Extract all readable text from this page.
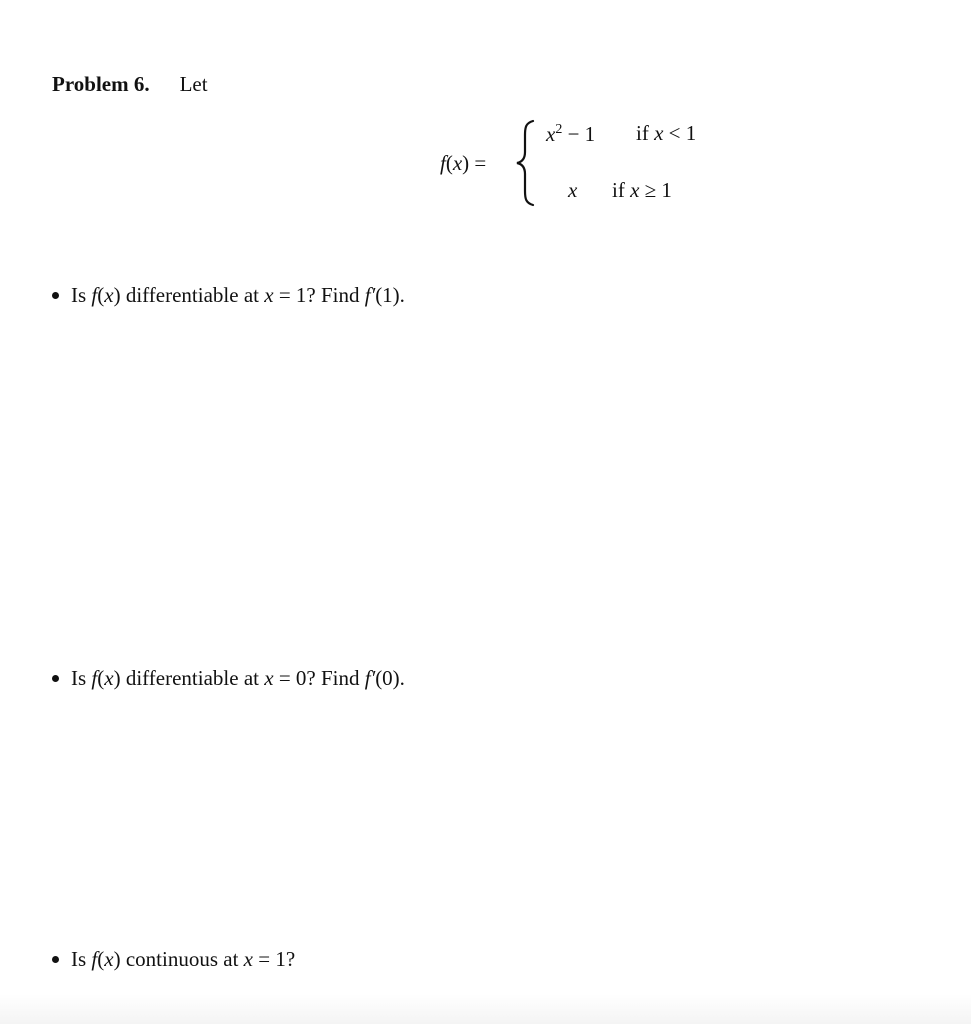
Problem 6. Let
f(x) =
$x^2 - 1$ if x < 1
x if x ≥ 1
Is f(x) differentiable at x = 1? Find f′(1).
Is f(x) differentiable at x = 0? Find f′(0).
Is f(x) continuous at x = 1?
